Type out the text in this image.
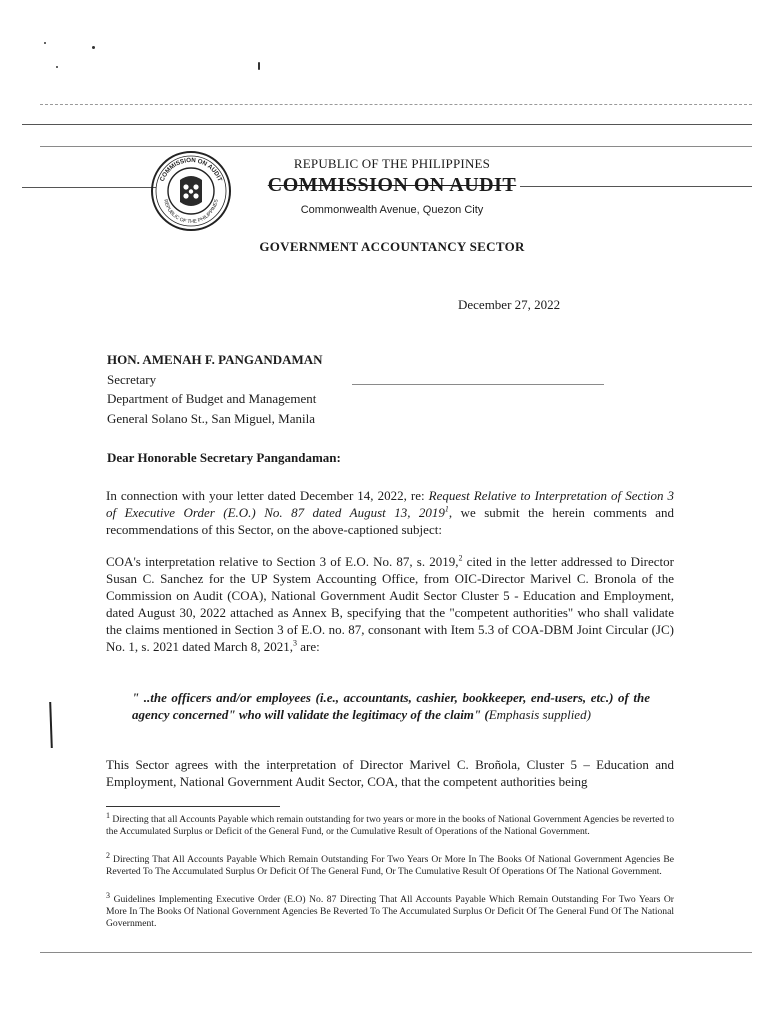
COMMISSION ON AUDIT
REPUBLIC OF THE PHILIPPINES
REPUBLIC OF THE PHILIPPINES
COMMISSION ON AUDIT
Commonwealth Avenue, Quezon City
GOVERNMENT ACCOUNTANCY SECTOR
December 27, 2022
HON. AMENAH F. PANGANDAMAN
Secretary
Department of Budget and Management
General Solano St., San Miguel, Manila
Dear Honorable Secretary Pangandaman:
In connection with your letter dated December 14, 2022, re: Request Relative to Interpretation of Section 3 of Executive Order (E.O.) No. 87 dated August 13, 2019$^1$, we submit the herein comments and recommendations of this Sector, on the above-captioned subject:
COA's interpretation relative to Section 3 of E.O. No. 87, s. 2019,$^2$ cited in the letter addressed to Director Susan C. Sanchez for the UP System Accounting Office, from OIC-Director Marivel C. Bronola of the Commission on Audit (COA), National Government Audit Sector Cluster 5 - Education and Employment, dated August 30, 2022 attached as Annex B, specifying that the "competent authorities" who shall validate the claims mentioned in Section 3 of E.O. no. 87, consonant with Item 5.3 of COA-DBM Joint Circular (JC) No. 1, s. 2021 dated March 8, 2021,$^3$ are:
" ..the officers and/or employees (i.e., accountants, cashier, bookkeeper, end-users, etc.) of the agency concerned" who will validate the legitimacy of the claim" (Emphasis supplied)
This Sector agrees with the interpretation of Director Marivel C. Broñola, Cluster 5 – Education and Employment, National Government Audit Sector, COA, that the competent authorities being
$^1$ Directing that all Accounts Payable which remain outstanding for two years or more in the books of National Government Agencies be reverted to the Accumulated Surplus or Deficit of the General Fund, or the Cumulative Result of Operations of the National Government.
$^2$ Directing That All Accounts Payable Which Remain Outstanding For Two Years Or More In The Books Of National Government Agencies Be Reverted To The Accumulated Surplus Or Deficit Of The General Fund, Or The Cumulative Result Of Operations Of The National Government.
$^3$ Guidelines Implementing Executive Order (E.O) No. 87 Directing That All Accounts Payable Which Remain Outstanding For Two Years Or More In The Books Of National Government Agencies Be Reverted To The Accumulated Surplus Or Deficit Of The General Fund Of The National Government.
